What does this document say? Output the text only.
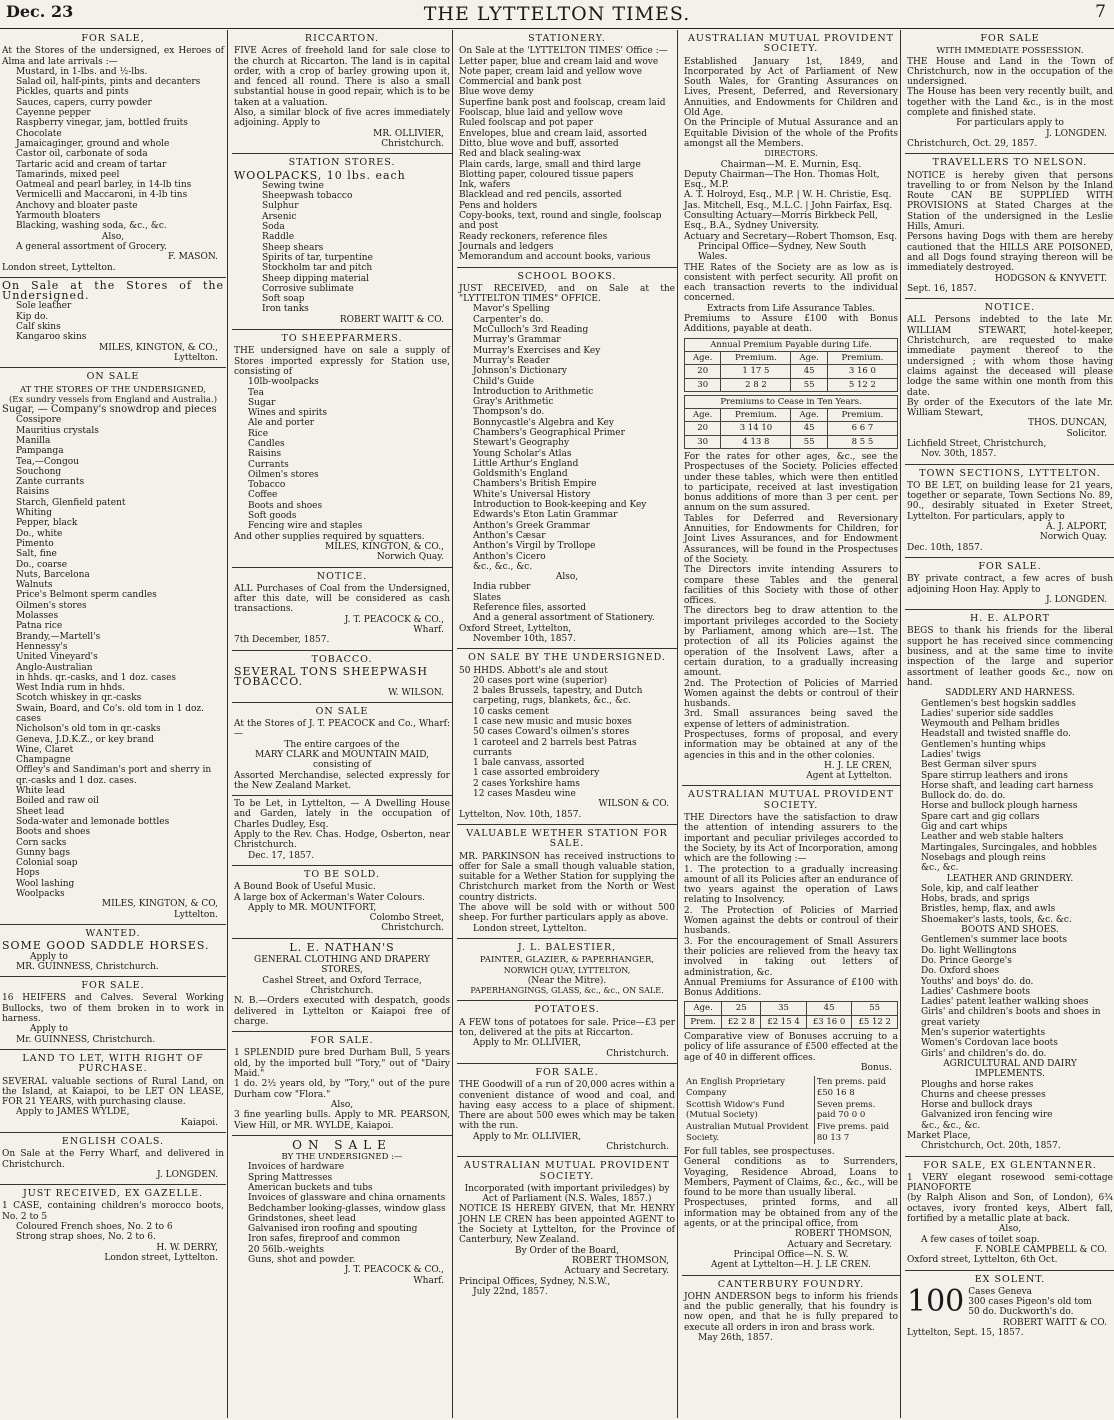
Dec. 23	THE LYTTELTON TIMES.	7
FOR SALE,

At the Stores of the undersigned, ex Heroes of Alma and late arrivals :—

Mustard, in 1-lbs. and ½-lbs.
Salad oil, half-pints, pints and decanters
Pickles, quarts and pints
Sauces, capers, curry powder
Cayenne pepper
Raspberry vinegar, jam, bottled fruits
Chocolate
Jamaicaginger, ground and whole
Castor oil, carbonate of soda
Tartaric acid and cream of tartar
Tamarinds, mixed peel
Oatmeal and pearl barley, in 14-lb tins
Vermicelli and Maccaroni, in 4-lb tins
Anchovy and bloater paste
Yarmouth bloaters
Blacking, washing soda, &c., &c.
Also,
A general assortment of Grocery.
F. MASON.
London street, Lyttelton.

On Sale at the Stores of the Undersigned.

Sole leather
Kip do.
Calf skins
Kangaroo skins
MILES, KINGTON, & CO.,
Lyttelton.
ON SALE
AT THE STORES OF THE UNDERSIGNED,
(Ex sundry vessels from England and Australia.)

Sugar, — Company's snowdrop and pieces

Cossipore
Mauritius crystals
Manilla
Pampanga
Tea,—Congou
Souchong
Zante currants
Raisins
Starch, Glenfield patent
Whiting
Pepper, black
Do., white
Pimento
Salt, fine
Do., coarse
Nuts, Barcelona
Walnuts
Price's Belmont sperm candles
Oilmen's stores
Molasses
Patna rice
Brandy,—Martell's
Hennessy's
United Vineyard's
Anglo-Australian
in hhds. qr.-casks, and 1 doz. cases
West India rum in hhds.
Scotch whiskey in qr.-casks
Swain, Board, and Co's. old tom in 1 doz. cases
Nicholson's old tom in qr.-casks
Geneva, J.D.K.Z., or key brand
Wine, Claret
Champagne
Offley's and Sandiman's port and sherry in qr.-casks and 1 doz. cases.
White lead
Boiled and raw oil
Sheet lead
Soda-water and lemonade bottles
Boots and shoes
Corn sacks
Gunny bags
Colonial soap
Hops
Wool lashing
Woolpacks
MILES, KINGTON, & CO,
Lyttelton.
WANTED.
SOME GOOD SADDLE HORSES.
Apply to
MR. GUINNESS, Christchurch.
FOR SALE.

16 HEIFERS and Calves. Several Working Bullocks, two of them broken in to work in harness.

Apply to
Mr. GUINNESS, Christchurch.
LAND TO LET, WITH RIGHT OF PURCHASE.

SEVERAL valuable sections of Rural Land, on the Island, at Kaiapoi, to be LET ON LEASE, FOR 21 YEARS, with purchasing clause.

Apply to JAMES WYLDE,
Kaiapoi.
ENGLISH COALS.

On Sale at the Ferry Wharf, and delivered in Christchurch.

J. LONGDEN.
JUST RECEIVED, EX GAZELLE.

1 CASE, containing children's morocco boots, No. 2 to 5

Coloured French shoes, No. 2 to 6
Strong strap shoes, No. 2 to 6.
H. W. DERRY,
London street, Lyttelton.
RICCARTON.

FIVE Acres of freehold land for sale close to the church at Riccarton. The land is in capital order, with a crop of barley growing upon it, and fenced all round. There is also a small substantial house in good repair, which is to be taken at a valuation.

Also, a similar block of five acres immediately adjoining. Apply to

MR. OLLIVIER,
Christchurch.
STATION STORES.
WOOLPACKS, 10 lbs. each
Sewing twine
Sheepwash tobacco
Sulphur
Arsenic
Soda
Raddle
Sheep shears
Spirits of tar, turpentine
Stockholm tar and pitch
Sheep dipping material
Corrosive sublimate
Soft soap
Iron tanks
ROBERT WAITT & CO.
TO SHEEPFARMERS.

THE undersigned have on sale a supply of Stores imported expressly for Station use, consisting of

10lb-woolpacks
Tea
Sugar
Wines and spirits
Ale and porter
Rice
Candles
Raisins
Currants
Oilmen's stores
Tobacco
Coffee
Boots and shoes
Soft goods
Fencing wire and staples
And other supplies required by squatters.
MILES, KINGTON, & CO.,
Norwich Quay.
NOTICE.

ALL Purchases of Coal from the Undersigned, after this date, will be considered as cash transactions.

J. T. PEACOCK & CO.,
Wharf.
7th December, 1857.
TOBACCO.
SEVERAL TONS SHEEPWASH TOBACCO.
W. WILSON.
ON SALE

At the Stores of J. T. PEACOCK and Co., Wharf:—

The entire cargoes of the
MARY CLARK and MOUNTAIN MAID,
consisting of

Assorted Merchandise, selected expressly for the New Zealand Market.

To be Let, in Lyttelton, — A Dwelling House and Garden, lately in the occupation of Charles Dudley, Esq.

Apply to the Rev. Chas. Hodge, Osberton, near Christchurch.

Dec. 17, 1857.
TO BE SOLD.

A Bound Book of Useful Music.

A large box of Ackerman's Water Colours.

Apply to MR. MOUNTFORT,
Colombo Street,
Christchurch.
L. E. NATHAN'S
GENERAL CLOTHING AND DRAPERY STORES,
Cashel Street, and Oxford Terrace,
Christchurch.

N. B.—Orders executed with despatch, goods delivered in Lyttelton or Kaiapoi free of charge.

FOR SALE.

1 SPLENDID pure bred Durham Bull, 5 years old, by the imported bull "Tory," out of "Dairy Maid."

1 do. 2½ years old, by "Tory," out of the pure Durham cow "Flora."

Also,

3 fine yearling bulls. Apply to MR. PEARSON, View Hill, or MR. WYLDE, Kaiapoi.

ON SALE
BY THE UNDERSIGNED :—
Invoices of hardware
Spring Mattresses
American buckets and tubs
Invoices of glassware and china ornaments
Bedchamber looking-glasses, window glass
Grindstones, sheet lead
Galvanised iron roofing and spouting
Iron safes, fireproof and common
20 56lb.-weights
Guns, shot and powder.
J. T. PEACOCK & CO.,
Wharf.
STATIONERY.

On Sale at the 'LYTTELTON TIMES' Office :—

Letter paper, blue and cream laid and wove
Note paper, cream laid and yellow wove
Commercial and bank post
Blue wove demy
Superfine bank post and foolscap, cream laid
Foolscap, blue laid and yellow wove
Ruled foolscap and pot paper
Envelopes, blue and cream laid, assorted
Ditto, blue wove and buff, assorted
Red and black sealing-wax
Plain cards, large, small and third large
Blotting paper, coloured tissue papers
Ink, wafers
Blacklead and red pencils, assorted
Pens and holders
Copy-books, text, round and single, foolscap and post
Ready reckoners, reference files
Journals and ledgers
Memorandum and account books, various
SCHOOL BOOKS.

JUST RECEIVED, and on Sale at the "LYTTELTON TIMES" OFFICE.

Mavor's Spelling
Carpenter's do.
McCulloch's 3rd Reading
Murray's Grammar
Murray's Exercises and Key
Murray's Reader
Johnson's Dictionary
Child's Guide
Introduction to Arithmetic
Gray's Arithmetic
Thompson's do.
Bonnycastle's Algebra and Key
Chambers's Geographical Primer
Stewart's Geography
Young Scholar's Atlas
Little Arthur's England
Goldsmith's England
Chambers's British Empire
White's Universal History
Introduction to Book-keeping and Key
Edwards's Eton Latin Grammar
Anthon's Greek Grammar
Anthon's Cæsar
Anthon's Virgil by Trollope
Anthon's Cicero
&c., &c., &c.
Also,
India rubber
Slates
Reference files, assorted
And a general assortment of Stationery.
Oxford Street, Lyttelton,
November 10th, 1857.
ON SALE BY THE UNDERSIGNED.

50 HHDS. Abbott's ale and stout

20 cases port wine (superior)
2 bales Brussels, tapestry, and Dutch carpeting, rugs, blankets, &c., &c.
10 casks cement
1 case new music and music boxes
50 cases Coward's oilmen's stores
1 caroteel and 2 barrels best Patras currants
1 bale canvass, assorted
1 case assorted embroidery
2 cases Yorkshire hams
12 cases Masdeu wine
WILSON & CO.
Lyttelton, Nov. 10th, 1857.
VALUABLE WETHER STATION FOR SALE.

MR. PARKINSON has received instructions to offer for Sale a small though valuable station, suitable for a Wether Station for supplying the Christchurch market from the North or West country districts.

The above will be sold with or without 500 sheep. For further particulars apply as above.

London street, Lyttelton.
J. L. BALESTIER,
PAINTER, GLAZIER, & PAPERHANGER,
NORWICH QUAY, LYTTELTON,
(Near the Mitre).
PAPERHANGINGS, GLASS, &c., &c., ON SALE.
POTATOES.

A FEW tons of potatoes for sale. Price—£3 per ton, delivered at the pits at Riccarton.

Apply to Mr. OLLIVIER,
Christchurch.
FOR SALE.

THE Goodwill of a run of 20,000 acres within a convenient distance of wood and coal, and having easy access to a place of shipment. There are about 500 ewes which may be taken with the run.

Apply to Mr. OLLIVIER,
Christchurch.
AUSTRALIAN MUTUAL PROVIDENT SOCIETY.

Incorporated (with important priviledges) by Act of Parliament (N.S. Wales, 1857.)

NOTICE IS HEREBY GIVEN, that Mr. HENRY JOHN LE CREN has been appointed AGENT to the Society at Lyttelton, for the Province of Canterbury, New Zealand.

By Order of the Board,
ROBERT THOMSON,
Actuary and Secretary.
Principal Offices, Sydney, N.S.W.,
July 22nd, 1857.
AUSTRALIAN MUTUAL PROVIDENT SOCIETY.

Established January 1st, 1849, and Incorporated by Act of Parliament of New South Wales, for Granting Assurances on Lives, Present, Deferred, and Reversionary Annuities, and Endowments for Children and Old Age.

On the Principle of Mutual Assurance and an Equitable Division of the whole of the Profits amongst all the Members.

DIRECTORS.
Chairman—M. E. Murnin, Esq.
Deputy Chairman—The Hon. Thomas Holt, Esq., M.P.
A. T. Holroyd, Esq., M.P. | W. H. Christie, Esq.
Jas. Mitchell, Esq., M.L.C. | John Fairfax, Esq.
Consulting Actuary—Morris Birkbeck Pell, Esq., B.A., Sydney University.
Actuary and Secretary—Robert Thomson, Esq.
Principal Office—Sydney, New South Wales.

THE Rates of the Society are as low as is consistent with perfect security. All profit on each transaction reverts to the individual concerned.

Extracts from Life Assurance Tables.

Premiums to Assure £100 with Bonus Additions, payable at death.

Annual Premium Payable during Life.			
Age.	Premium.	Age.	Premium.
20	1 17 5	45	3 16 0
30	2 8 2	55	5 12 2
Premiums to Cease in Ten Years.			
Age.	Premium.	Age.	Premium.
20	3 14 10	45	6 6 7
30	4 13 8	55	8 5 5

For the rates for other ages, &c., see the Prospectuses of the Society. Policies effected under these tables, which were then entitled to participate, received at last investigation bonus additions of more than 3 per cent. per annum on the sum assured.

Tables for Deferred and Reversionary Annuities, for Endowments for Children, for Joint Lives Assurances, and for Endowment Assurances, will be found in the Prospectuses of the Society.

The Directors invite intending Assurers to compare these Tables and the general facilities of this Society with those of other offices.

The directors beg to draw attention to the important privileges accorded to the Society by Parliament, among which are—1st. The protection of all its Policies against the operation of the Insolvent Laws, after a certain duration, to a gradually increasing amount.

2nd. The Protection of Policies of Married Women against the debts or controul of their husbands.

3rd. Small assurances being saved the expense of letters of administration.

Prospectuses, forms of proposal, and every information may be obtained at any of the agencies in this and in the other colonies.

H. J. LE CREN,
Agent at Lyttelton.
AUSTRALIAN MUTUAL PROVIDENT SOCIETY.

THE Directors have the satisfaction to draw the attention of intending assurers to the important and peculiar privileges accorded to the Society, by its Act of Incorporation, among which are the following :—

1. The protection to a gradually increasing amount of all its Policies after an endurance of two years against the operation of Laws relating to Insolvency.

2. The Protection of Policies of Married Women against the debts or controul of their husbands.

3. For the encouragement of Small Assurers their policies are relieved from the heavy tax involved in taking out letters of administration, &c.

Annual Premiums for Assurance of £100 with Bonus Additions.

Age.	25	35	45	55
Prem.	£2 2 8	£2 15 4	£3 16 0	£5 12 2

Comparative view of Bonuses accruing to a policy of life assurance of £500 effected at the age of 40 in different offices.

Bonus.
An English Proprietary Company	Ten prems. paid £50 16 8
Scottish Widow's Fund (Mutual Society)	Seven prems. paid 70 0 0
Australian Mutual Provident Society.	Five prems. paid 80 13 7

For full tables, see prospectuses.

General conditions as to Surrenders, Voyaging, Residence Abroad, Loans to Members, Payment of Claims, &c., &c., will be found to be more than usually liberal.

Prospectuses, printed forms, and all information may be obtained from any of the agents, or at the principal office, from

ROBERT THOMSON,
Actuary and Secretary.
Principal Office—N. S. W.
Agent at Lyttelton—H. J. LE CREN.
CANTERBURY FOUNDRY.

JOHN ANDERSON begs to inform his friends and the public generally, that his foundry is now open, and that he is fully prepared to execute all orders in iron and brass work.

May 26th, 1857.
FOR SALE
WITH IMMEDIATE POSSESSION.

THE House and Land in the Town of Christchurch, now in the occupation of the undersigned.

The House has been very recently built, and together with the Land &c., is in the most complete and finished state.

For particulars apply to
J. LONGDEN.
Christchurch, Oct. 29, 1857.
TRAVELLERS TO NELSON.

NOTICE is hereby given that persons travelling to or from Nelson by the Inland Route CAN BE SUPPLIED WITH PROVISIONS at Stated Charges at the Station of the undersigned in the Leslie Hills, Amuri.

Persons having Dogs with them are hereby cautioned that the HILLS ARE POISONED, and all Dogs found straying thereon will be immediately destroyed.

HODGSON & KNYVETT.
Sept. 16, 1857.
NOTICE.

ALL Persons indebted to the late Mr. WILLIAM STEWART, hotel-keeper, Christchurch, are requested to make immediate payment thereof to the undersigned ; with whom those having claims against the deceased will please lodge the same within one month from this date.

By order of the Executors of the late Mr. William Stewart,

THOS. DUNCAN,
Solicitor.
Lichfield Street, Christchurch,
Nov. 30th, 1857.
TOWN SECTIONS, LYTTELTON.

TO BE LET, on building lease for 21 years, together or separate, Town Sections No. 89, 90., desirably situated in Exeter Street, Lyttelton. For particulars, apply to

A. J. ALPORT,
Norwich Quay.
Dec. 10th, 1857.
FOR SALE.

BY private contract, a few acres of bush adjoining Hoon Hay. Apply to

J. LONGDEN.
H. E. ALPORT

BEGS to thank his friends for the liberal support he has received since commencing business, and at the same time to invite inspection of the large and superior assortment of leather goods &c., now on hand.

SADDLERY AND HARNESS.
Gentlemen's best hogskin saddles
Ladies' superior side saddles
Weymouth and Pelham bridles
Headstall and twisted snaffle do.
Gentlemen's hunting whips
Ladies' twigs
Best German silver spurs
Spare stirrup leathers and irons
Horse shaft, and leading cart harness
Bullock do. do. do.
Horse and bullock plough harness
Spare cart and gig collars
Gig and cart whips
Leather and web stable halters
Martingales, Surcingales, and hobbles
Nosebags and plough reins
&c., &c.
LEATHER AND GRINDERY.
Sole, kip, and calf leather
Hobs, brads, and sprigs
Bristles, hemp, flax, and awls
Shoemaker's lasts, tools, &c. &c.
BOOTS AND SHOES.
Gentlemen's summer lace boots
Do. light Wellingtons
Do. Prince George's
Do. Oxford shoes
Youths' and boys' do. do.
Ladies' Cashmere boots
Ladies' patent leather walking shoes
Girls' and children's boots and shoes in great variety
Men's superior watertights
Women's Cordovan lace boots
Girls' and children's do. do.
AGRICULTURAL AND DAIRY IMPLEMENTS.
Ploughs and horse rakes
Churns and cheese presses
Horse and bullock drays
Galvanized iron fencing wire
&c., &c., &c.
Market Place,
Christchurch, Oct. 20th, 1857.
FOR SALE, EX GLENTANNER.

1 VERY elegant rosewood semi-cottage PIANOFORTE

(by Ralph Alison and Son, of London), 6¾ octaves, ivory fronted keys, Albert fall, fortified by a metallic plate at back.

Also,
A few cases of toilet soap.
F. NOBLE CAMPBELL & CO.
Oxford street, Lyttelton, 6th Oct.
EX SOLENT.
100 Cases Geneva
300 cases Pigeon's old tom
50 do. Duckworth's do.
ROBERT WAITT & CO.
Lyttelton, Sept. 15, 1857.
